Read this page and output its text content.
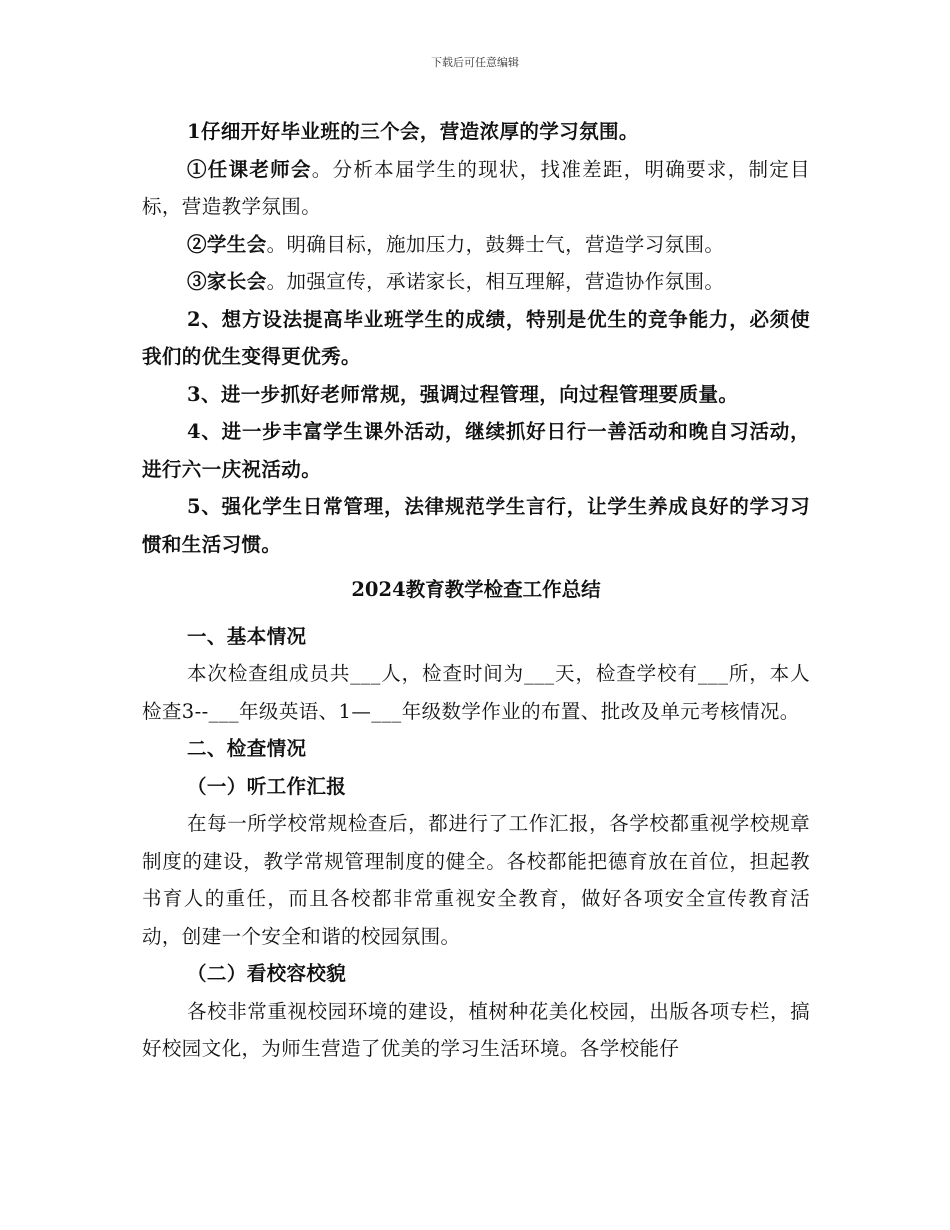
下载后可任意编辑

1仔细开好毕业班的三个会，营造浓厚的学习氛围。

①任课老师会。分析本届学生的现状，找准差距，明确要求，制定目标，营造教学氛围。

②学生会。明确目标，施加压力，鼓舞士气，营造学习氛围。

③家长会。加强宣传，承诺家长，相互理解，营造协作氛围。

2、想方设法提高毕业班学生的成绩，特别是优生的竞争能力，必须使我们的优生变得更优秀。

3、进一步抓好老师常规，强调过程管理，向过程管理要质量。

4、进一步丰富学生课外活动，继续抓好日行一善活动和晚自习活动，进行六一庆祝活动。

5、强化学生日常管理，法律规范学生言行，让学生养成良好的学习习惯和生活习惯。

2024教育教学检查工作总结

一、基本情况

本次检查组成员共___人，检查时间为___天，检查学校有___所，本人检查3--___年级英语、1—___年级数学作业的布置、批改及单元考核情况。

二、检查情况

（一）听工作汇报

在每一所学校常规检查后，都进行了工作汇报，各学校都重视学校规章制度的建设，教学常规管理制度的健全。各校都能把德育放在首位，担起教书育人的重任，而且各校都非常重视安全教育，做好各项安全宣传教育活动，创建一个安全和谐的校园氛围。

（二）看校容校貌

各校非常重视校园环境的建设，植树种花美化校园，出版各项专栏，搞好校园文化，为师生营造了优美的学习生活环境。各学校能仔
